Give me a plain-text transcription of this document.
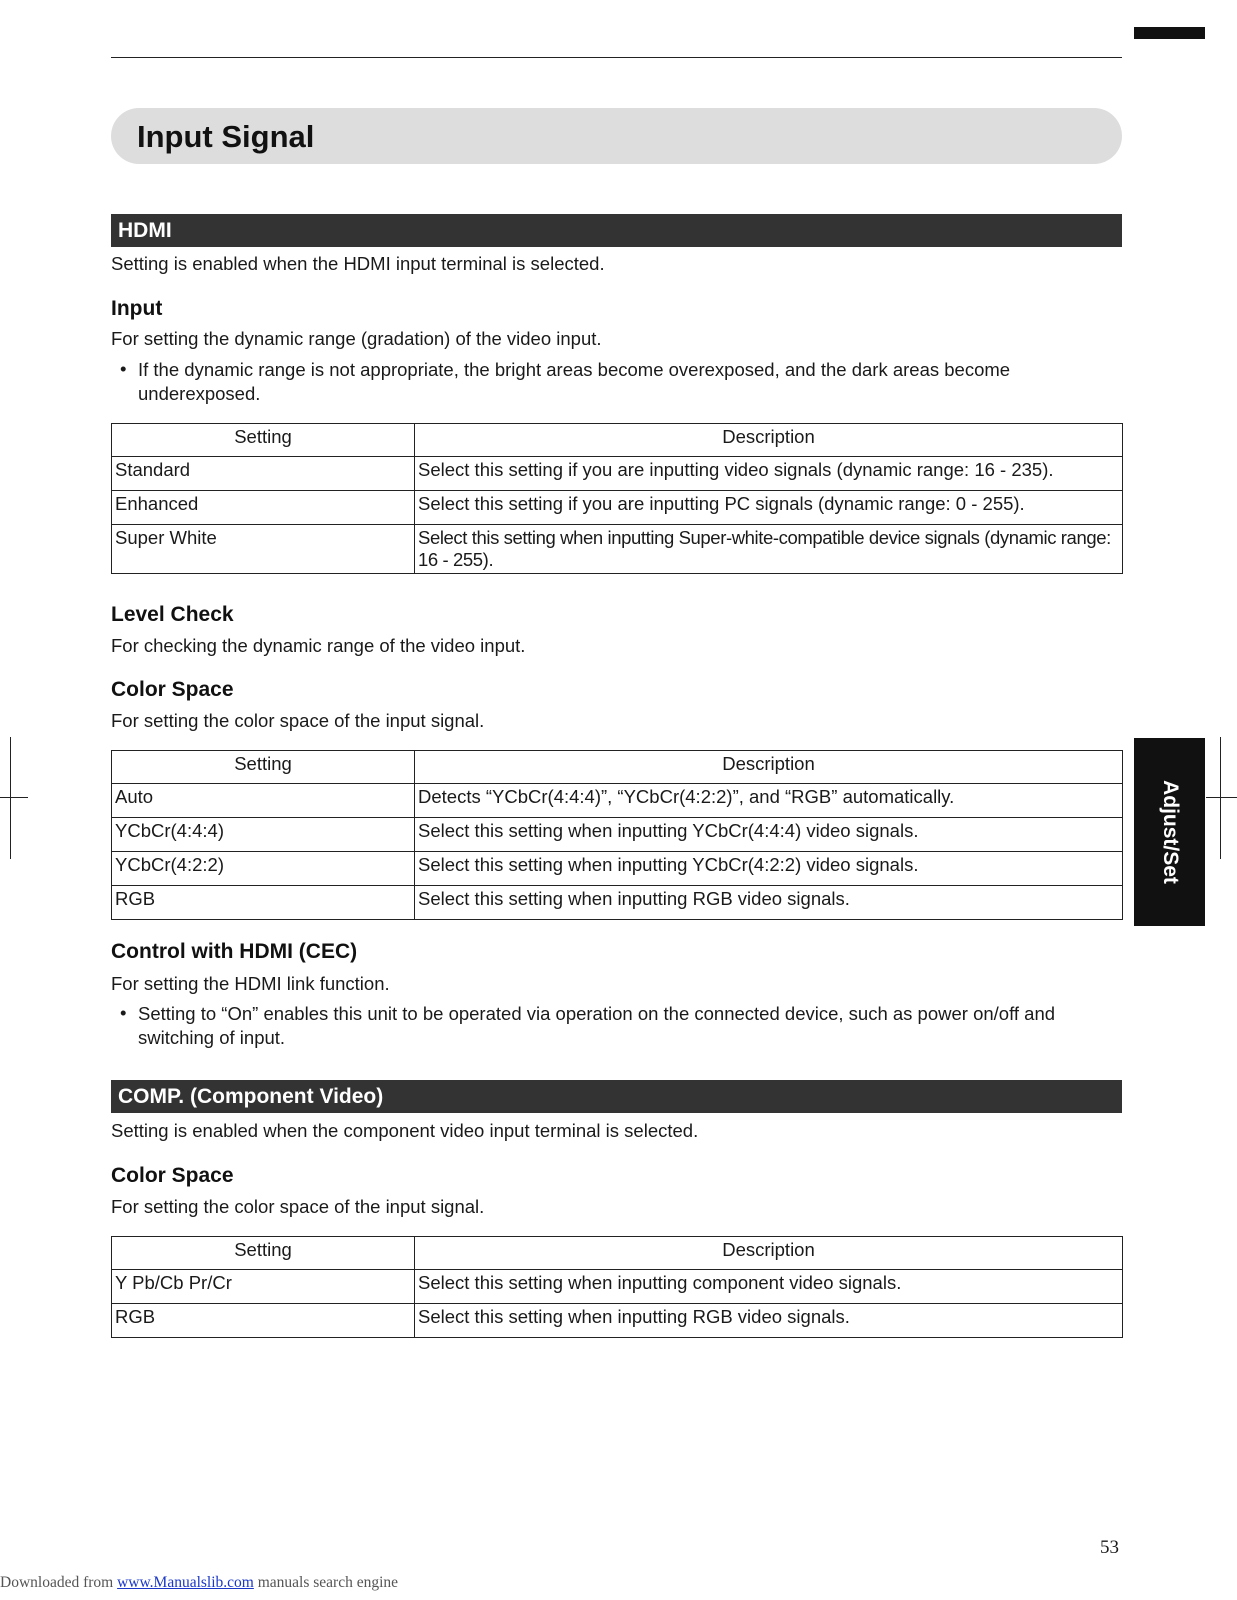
Input Signal
HDMI
Setting is enabled when the HDMI input terminal is selected.
Input
For setting the dynamic range (gradation) of the video input.
• If the dynamic range is not appropriate, the bright areas become overexposed, and the dark areas become underexposed.
Setting	Description
Standard	Select this setting if you are inputting video signals (dynamic range: 16 - 235).
Enhanced	Select this setting if you are inputting PC signals (dynamic range: 0 - 255).
Super White	Select this setting when inputting Super-white-compatible device signals (dynamic range: 16 - 255).
Level Check
For checking the dynamic range of the video input.
Color Space
For setting the color space of the input signal.
Setting	Description
Auto	Detects “YCbCr(4:4:4)”, “YCbCr(4:2:2)”, and “RGB” automatically.
YCbCr(4:4:4)	Select this setting when inputting YCbCr(4:4:4) video signals.
YCbCr(4:2:2)	Select this setting when inputting YCbCr(4:2:2) video signals.
RGB	Select this setting when inputting RGB video signals.
Control with HDMI (CEC)
For setting the HDMI link function.
• Setting to “On” enables this unit to be operated via operation on the connected device, such as power on/off and switching of input.
COMP. (Component Video)
Setting is enabled when the component video input terminal is selected.
Color Space
For setting the color space of the input signal.
Setting	Description
Y Pb/Cb Pr/Cr	Select this setting when inputting component video signals.
RGB	Select this setting when inputting RGB video signals.
Adjust/Set
53
Downloaded from www.Manualslib.com manuals search engine
